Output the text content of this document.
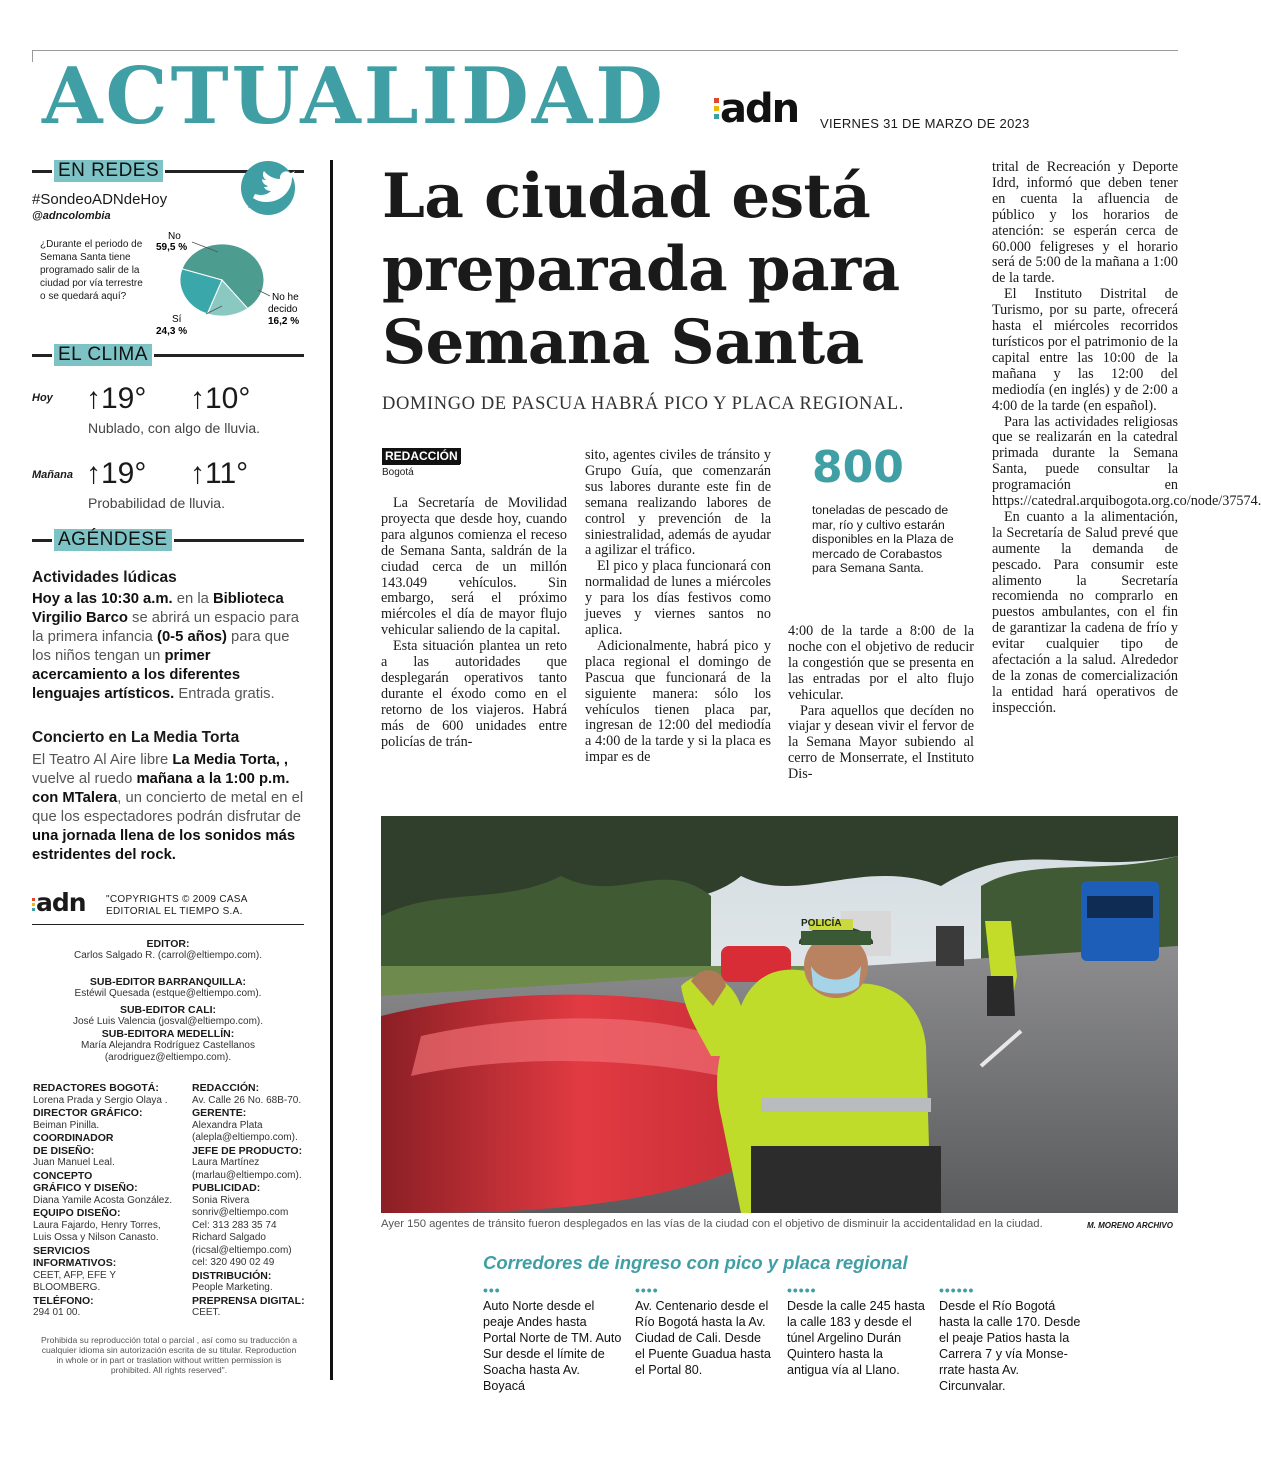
ACTUALIDAD adn VIERNES 31 DE MARZO DE 2023
EN REDES
#SondeoADNdeHoy
@adncolombia
¿Durante el periodo de Semana Santa tiene programado salir de la ciudad por vía terrestre o se quedará aquí?
No
59,5 %
Sí
24,3 %
No he
decido
16,2 %
EL CLIMA
Hoy ↑19° ↑10°
Nublado, con algo de lluvia.
Mañana ↑19° ↑11°
Probabilidad de lluvia.
AGÉNDESE
Actividades lúdicas
Hoy a las 10:30 a.m. en la Biblioteca Virgilio Barco se abrirá un espacio para la primera infancia (0-5 años) para que los niños tengan un primer acercamiento a los diferentes lenguajes artísticos. Entrada gratis.
Concierto en La Media Torta
El Teatro Al Aire libre La Media Torta, , vuelve al ruedo mañana a la 1:00 p.m. con MTalera, un concierto de metal en el que los espectadores podrán disfrutar de una jornada llena de los sonidos más estridentes del rock.
adn "COPYRIGHTS © 2009 CASA EDITORIAL EL TIEMPO S.A.
EDITOR:
Carlos Salgado R. (carrol@eltiempo.com).
SUB-EDITOR BARRANQUILLA:
Estéwil Quesada (estque@eltiempo.com).
SUB-EDITOR CALI:
José Luis Valencia (josval@eltiempo.com).
SUB-EDITORA MEDELLÍN:
María Alejandra Rodríguez Castellanos
(arodriguez@eltiempo.com).
REDACTORES BOGOTÁ:
Lorena Prada y Sergio Olaya .
DIRECTOR GRÁFICO:
Beiman Pinilla.
COORDINADOR DE DISEÑO:
Juan Manuel Leal.
CONCEPTO GRÁFICO Y DISEÑO:
Diana Yamile Acosta González.
EQUIPO DISEÑO:
Laura Fajardo, Henry Torres, Luis Ossa y Nilson Canasto.
SERVICIOS INFORMATIVOS:
CEET, AFP, EFE Y BLOOMBERG.
TELÉFONO:
294 01 00.
REDACCIÓN:
Av. Calle 26 No. 68B-70.
GERENTE:
Alexandra Plata (alepla@eltiempo.com).
JEFE DE PRODUCTO:
Laura Martínez (marlau@eltiempo.com).
PUBLICIDAD:
Sonia Rivera sonriv@eltiempo.com Cel: 313 283 35 74 Richard Salgado (ricsal@eltiempo.com) cel: 320 490 02 49
DISTRIBUCIÓN:
People Marketing.
PREPRENSA DIGITAL:
CEET.
Prohibida su reproducción total o parcial , así como su traducción a cualquier idioma sin autorización escrita de su titular. Reproduction in whole or in part or traslation without written permission is prohibited. All rights reserved".
La ciudad está
preparada para
Semana Santa
DOMINGO DE PASCUA HABRÁ PICO Y PLACA REGIONAL.
REDACCIÓN
Bogotá

La Secretaría de Movilidad proyecta que desde hoy, cuando para algunos comienza el receso de Semana Santa, saldrán de la ciudad cerca de un millón 143.049 vehículos. Sin embargo, será el próximo miércoles el día de mayor flujo vehicular saliendo de la capital.

Esta situación plantea un reto a las autoridades que desplegarán operativos tanto durante el éxodo como en el retorno de los viajeros. Habrá más de 600 unidades entre policías de trán-

sito, agentes civiles de tránsito y Grupo Guía, que comenzarán sus labores durante este fin de semana realizando labores de control y prevención de la siniestralidad, además de ayudar a agilizar el tráfico.

El pico y placa funcionará con normalidad de lunes a miércoles y para los días festivos como jueves y viernes santos no aplica.

Adicionalmente, habrá pico y placa regional el domingo de Pascua que funcionará de la siguiente manera: sólo los vehículos tienen placa par, ingresan de 12:00 del mediodía a 4:00 de la tarde y si la placa es impar es de

800
toneladas de pescado de mar, río y cultivo estarán disponibles en la Plaza de mercado de Corabastos para Semana Santa.

4:00 de la tarde a 8:00 de la noche con el objetivo de reducir la congestión que se presenta en las entradas por el alto flujo vehicular.

Para aquellos que decíden no viajar y desean vivir el fervor de la Semana Mayor subiendo al cerro de Monserrate, el Instituto Dis-

trital de Recreación y Deporte Idrd, informó que deben tener en cuenta la afluencia de público y los horarios de atención: se esperán cerca de 60.000 feligreses y el horario será de 5:00 de la mañana a 1:00 de la tarde.

El Instituto Distrital de Turismo, por su parte, ofrecerá hasta el miércoles recorridos turísticos por el patrimonio de la capital entre las 10:00 de la mañana y las 12:00 del mediodía (en inglés) y de 2:00 a 4:00 de la tarde (en español).

Para las actividades religiosas que se realizarán en la catedral primada durante la Semana Santa, puede consultar la programación en https://catedral.arquibogota.org.co/node/37574.

En cuanto a la alimentación, la Secretaría de Salud prevé que aumente la demanda de pescado. Para consumir este alimento la Secretaría recomienda no comprarlo en puestos ambulantes, con el fin de garantizar la cadena de frío y evitar cualquier tipo de afectación a la salud. Alrededor de la zonas de comercialización la entidad hará operativos de inspección.

POLICÍA
Ayer 150 agentes de tránsito fueron desplegados en las vías de la ciudad con el objetivo de disminuir la accidentalidad en la ciudad.	M. MORENO ARCHIVO
Corredores de ingreso con pico y placa regional
•••
Auto Norte desde el peaje Andes hasta Portal Norte de TM. Auto Sur desde el límite de Soacha hasta Av. Boyacá
••••
Av. Centenario desde el Río Bogotá hasta la Av. Ciudad de Cali. Desde el Puente Guadua hasta el Portal 80.
•••••
Desde la calle 245 hasta la calle 183 y desde el túnel Argelino Durán Quintero hasta la antigua vía al Llano.
••••••
Desde el Río Bogotá hasta la calle 170. Desde el peaje Patios hasta la Carrera 7 y vía Monse- rrate hasta Av. Circunvalar.
